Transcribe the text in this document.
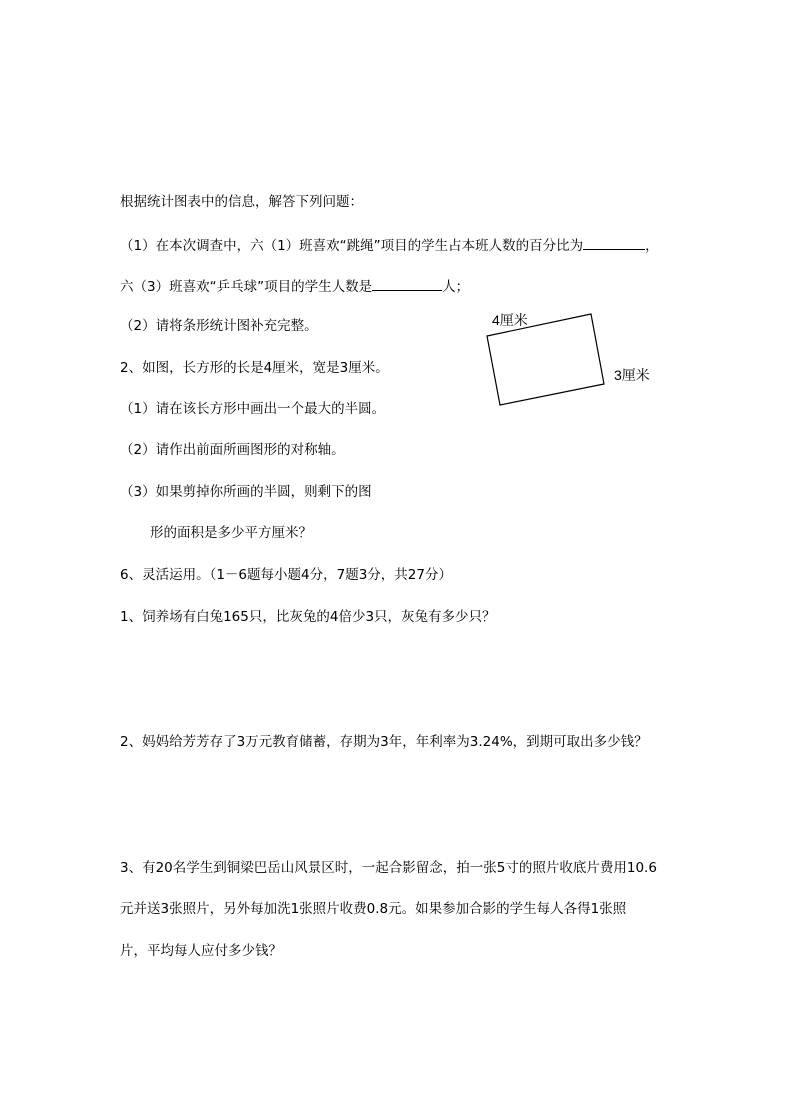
根据统计图表中的信息，解答下列问题：
（1）在本次调查中，六（1）班喜欢“跳绳”项目的学生占本班人数的百分比为	，
六（3）班喜欢“乒乓球”项目的学生人数是	人；
（2）请将条形统计图补充完整。
2、如图，长方形的长是4厘米，宽是3厘米。
（1）请在该长方形中画出一个最大的半圆。
（2）请作出前面所画图形的对称轴。
（3）如果剪掉你所画的半圆，则剩下的图
形的面积是多少平方厘米？
4厘米
3厘米
6、灵活运用。（1－6题每小题4分，7题3分，共27分）
1、饲养场有白兔165只，比灰兔的4倍少3只，灰兔有多少只？
2、妈妈给芳芳存了3万元教育储蓄，存期为3年，年利率为3.24%，到期可取出多少钱？
3、有20名学生到铜梁巴岳山风景区时，一起合影留念，拍一张5寸的照片收底片费用10.6
元并送3张照片，另外每加洗1张照片收费0.8元。如果参加合影的学生每人各得1张照
片，平均每人应付多少钱？
